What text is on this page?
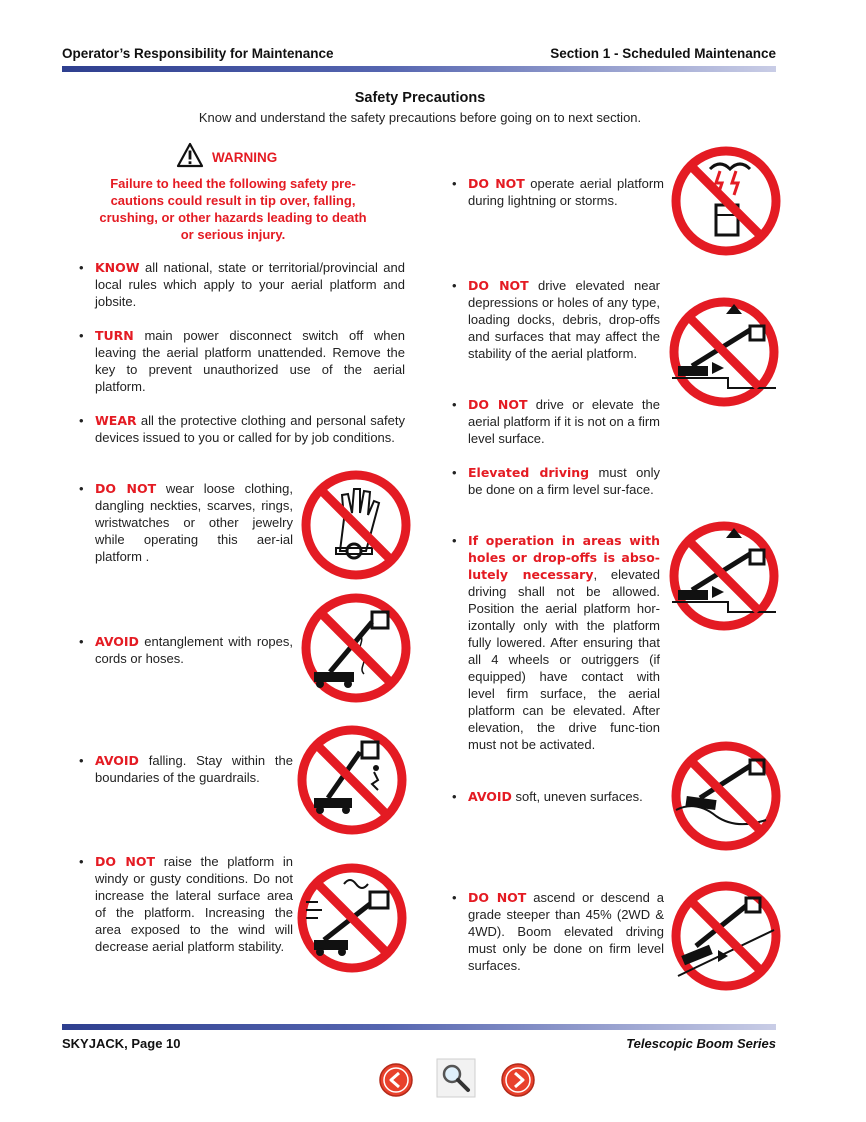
Operator’s Responsibility for Maintenance	Section 1 - Scheduled Maintenance
Safety Precautions
Know and understand the safety precautions before going on to next section.
WARNING
Failure to heed the following safety pre-cautions could result in tip over, falling, crushing, or other hazards leading to death or serious injury.
• KNOW all national, state or territorial/provincial and local rules which apply to your aerial platform and jobsite.
• TURN main power disconnect switch off when leaving the aerial platform unattended. Remove the key to prevent unauthorized use of the aerial platform.
• WEAR all the protective clothing and personal safety devices issued to you or called for by job conditions.
• DO NOT wear loose clothing, dangling neckties, scarves, rings, wristwatches or other jewelry while operating this aer-ial platform .
• AVOID entanglement with ropes, cords or hoses.
• AVOID falling. Stay within the boundaries of the guardrails.
• DO NOT raise the platform in windy or gusty conditions. Do not increase the lateral surface area of the platform. Increasing the area exposed to the wind will decrease aerial platform stability.
• DO NOT operate aerial platform during lightning or storms.
• DO NOT drive elevated near depressions or holes of any type, loading docks, debris, drop-offs and surfaces that may affect the stability of the aerial platform.
• DO NOT drive or elevate the aerial platform if it is not on a firm level surface.
• Elevated driving must only be done on a firm level sur-face.
• If operation in areas with holes or drop-offs is abso-lutely necessary, elevated driving shall not be allowed. Position the aerial platform hor-izontally only with the platform fully lowered. After ensuring that all 4 wheels or outriggers (if equipped) have contact with level firm surface, the aerial platform can be elevated. After elevation, the drive func-tion must not be activated.
• AVOID soft, uneven surfaces.
• DO NOT ascend or descend a grade steeper than 45% (2WD & 4WD). Boom elevated driving must only be done on firm level surfaces.
SKYJACK, Page 10	Telescopic Boom Series
